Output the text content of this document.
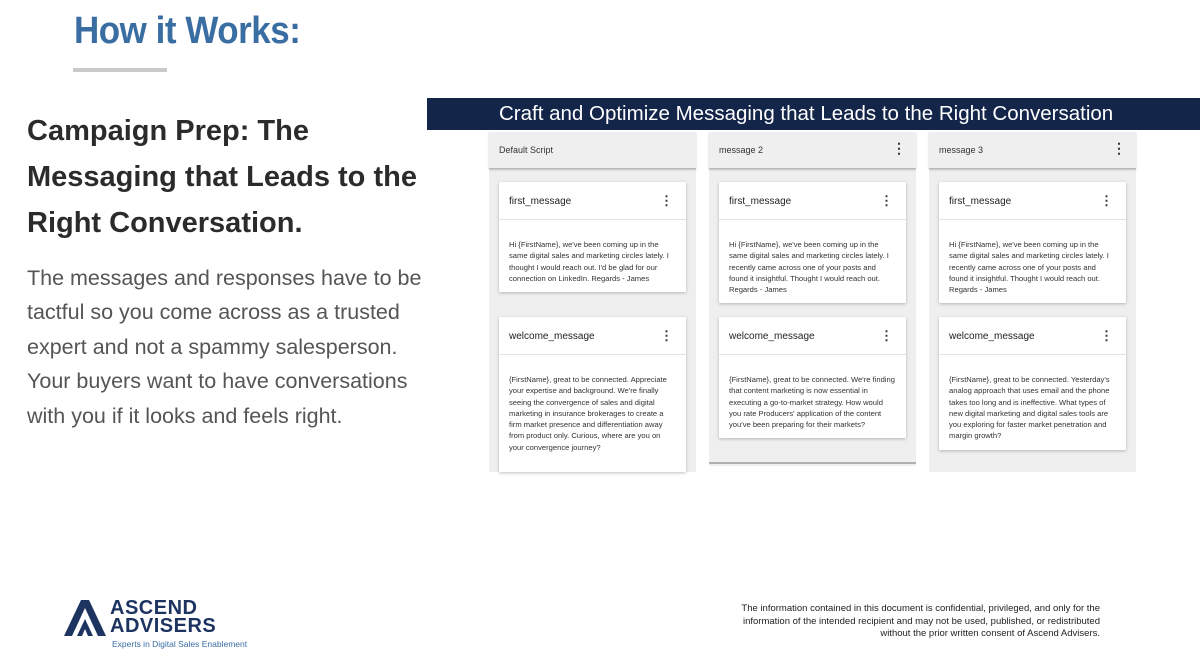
How it Works:
Campaign Prep: The Messaging that Leads to the Right Conversation.
The messages and responses have to be tactful so you come across as a trusted expert and not a spammy salesperson. Your buyers want to have conversations with you if it looks and feels right.
Craft and Optimize Messaging that Leads to the Right Conversation
Default Script
first_message	⋮
Hi {FirstName}, we've been coming up in the same digital sales and marketing circles lately. I thought I would reach out. I'd be glad for our connection on LinkedIn. Regards - James
welcome_message	⋮
{FirstName}, great to be connected. Appreciate your expertise and background. We're finally seeing the convergence of sales and digital marketing in insurance brokerages to create a firm market presence and differentiation away from product only. Curious, where are you on your convergence journey?
message 2	⋮
first_message	⋮
Hi {FirstName}, we've been coming up in the same digital sales and marketing circles lately. I recently came across one of your posts and found it insightful. Thought I would reach out. Regards - James
welcome_message	⋮
{FirstName}, great to be connected. We're finding that content marketing is now essential in executing a go-to-market strategy. How would you rate Producers' application of the content you've been preparing for their markets?
message 3	⋮
first_message	⋮
Hi {FirstName}, we've been coming up in the same digital sales and marketing circles lately. I recently came across one of your posts and found it insightful. Thought I would reach out. Regards - James
welcome_message	⋮
{FirstName}, great to be connected. Yesterday's analog approach that uses email and the phone takes too long and is ineffective. What types of new digital marketing and digital sales tools are you exploring for faster market penetration and margin growth?
ASCEND
ADVISERS
Experts in Digital Sales Enablement
The information contained in this document is confidential, privileged, and only for the information of the intended recipient and may not be used, published, or redistributed without the prior written consent of Ascend Advisers.
